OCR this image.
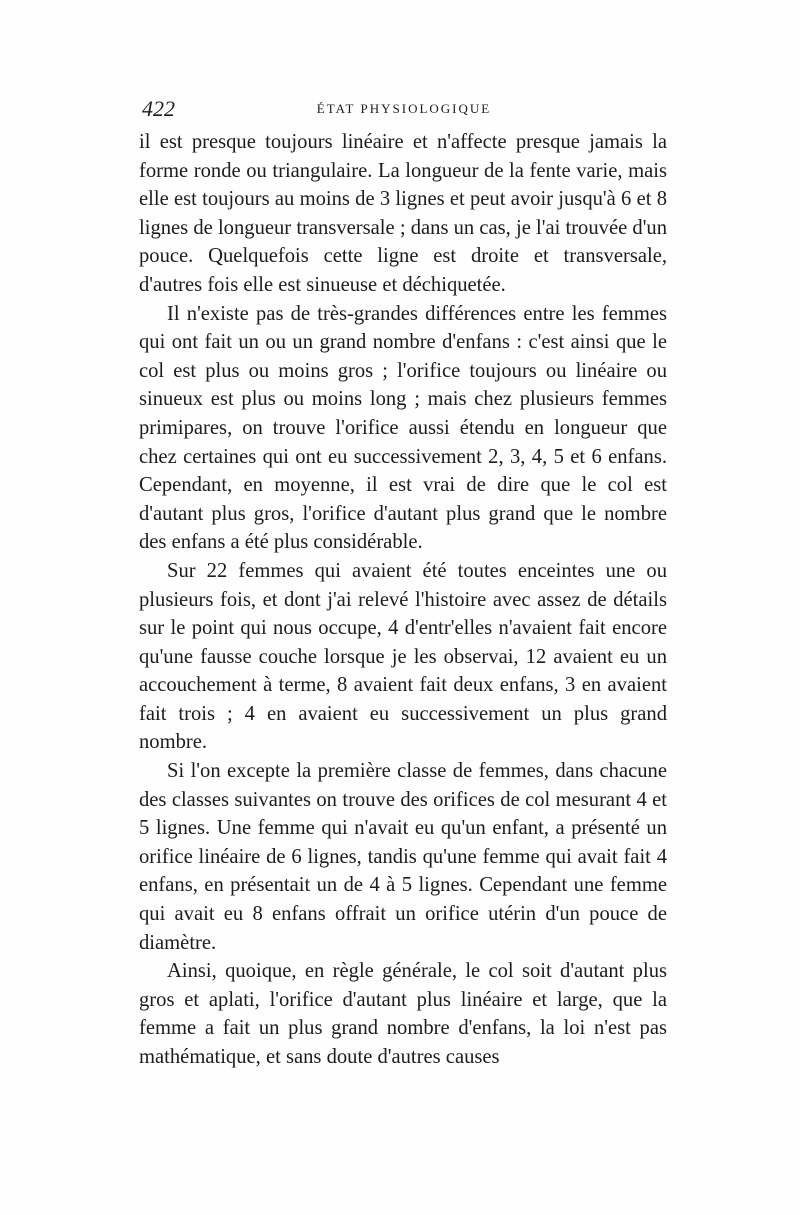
422	ÉTAT PHYSIOLOGIQUE

il est presque toujours linéaire et n'affecte presque jamais la forme ronde ou triangulaire. La longueur de la fente varie, mais elle est toujours au moins de 3 lignes et peut avoir jusqu'à 6 et 8 lignes de longueur transversale ; dans un cas, je l'ai trouvée d'un pouce. Quelquefois cette ligne est droite et transversale, d'autres fois elle est sinueuse et déchiquetée.

Il n'existe pas de très-grandes différences entre les femmes qui ont fait un ou un grand nombre d'enfans : c'est ainsi que le col est plus ou moins gros ; l'orifice toujours ou linéaire ou sinueux est plus ou moins long ; mais chez plusieurs femmes primipares, on trouve l'orifice aussi étendu en longueur que chez certaines qui ont eu successivement 2, 3, 4, 5 et 6 enfans. Cependant, en moyenne, il est vrai de dire que le col est d'autant plus gros, l'orifice d'autant plus grand que le nombre des enfans a été plus considérable.

Sur 22 femmes qui avaient été toutes enceintes une ou plusieurs fois, et dont j'ai relevé l'histoire avec assez de détails sur le point qui nous occupe, 4 d'entr'elles n'avaient fait encore qu'une fausse couche lorsque je les observai, 12 avaient eu un accouchement à terme, 8 avaient fait deux enfans, 3 en avaient fait trois ; 4 en avaient eu successivement un plus grand nombre.

Si l'on excepte la première classe de femmes, dans chacune des classes suivantes on trouve des orifices de col mesurant 4 et 5 lignes. Une femme qui n'avait eu qu'un enfant, a présenté un orifice linéaire de 6 lignes, tandis qu'une femme qui avait fait 4 enfans, en présentait un de 4 à 5 lignes. Cependant une femme qui avait eu 8 enfans offrait un orifice utérin d'un pouce de diamètre.

Ainsi, quoique, en règle générale, le col soit d'autant plus gros et aplati, l'orifice d'autant plus linéaire et large, que la femme a fait un plus grand nombre d'enfans, la loi n'est pas mathématique, et sans doute d'autres causes
